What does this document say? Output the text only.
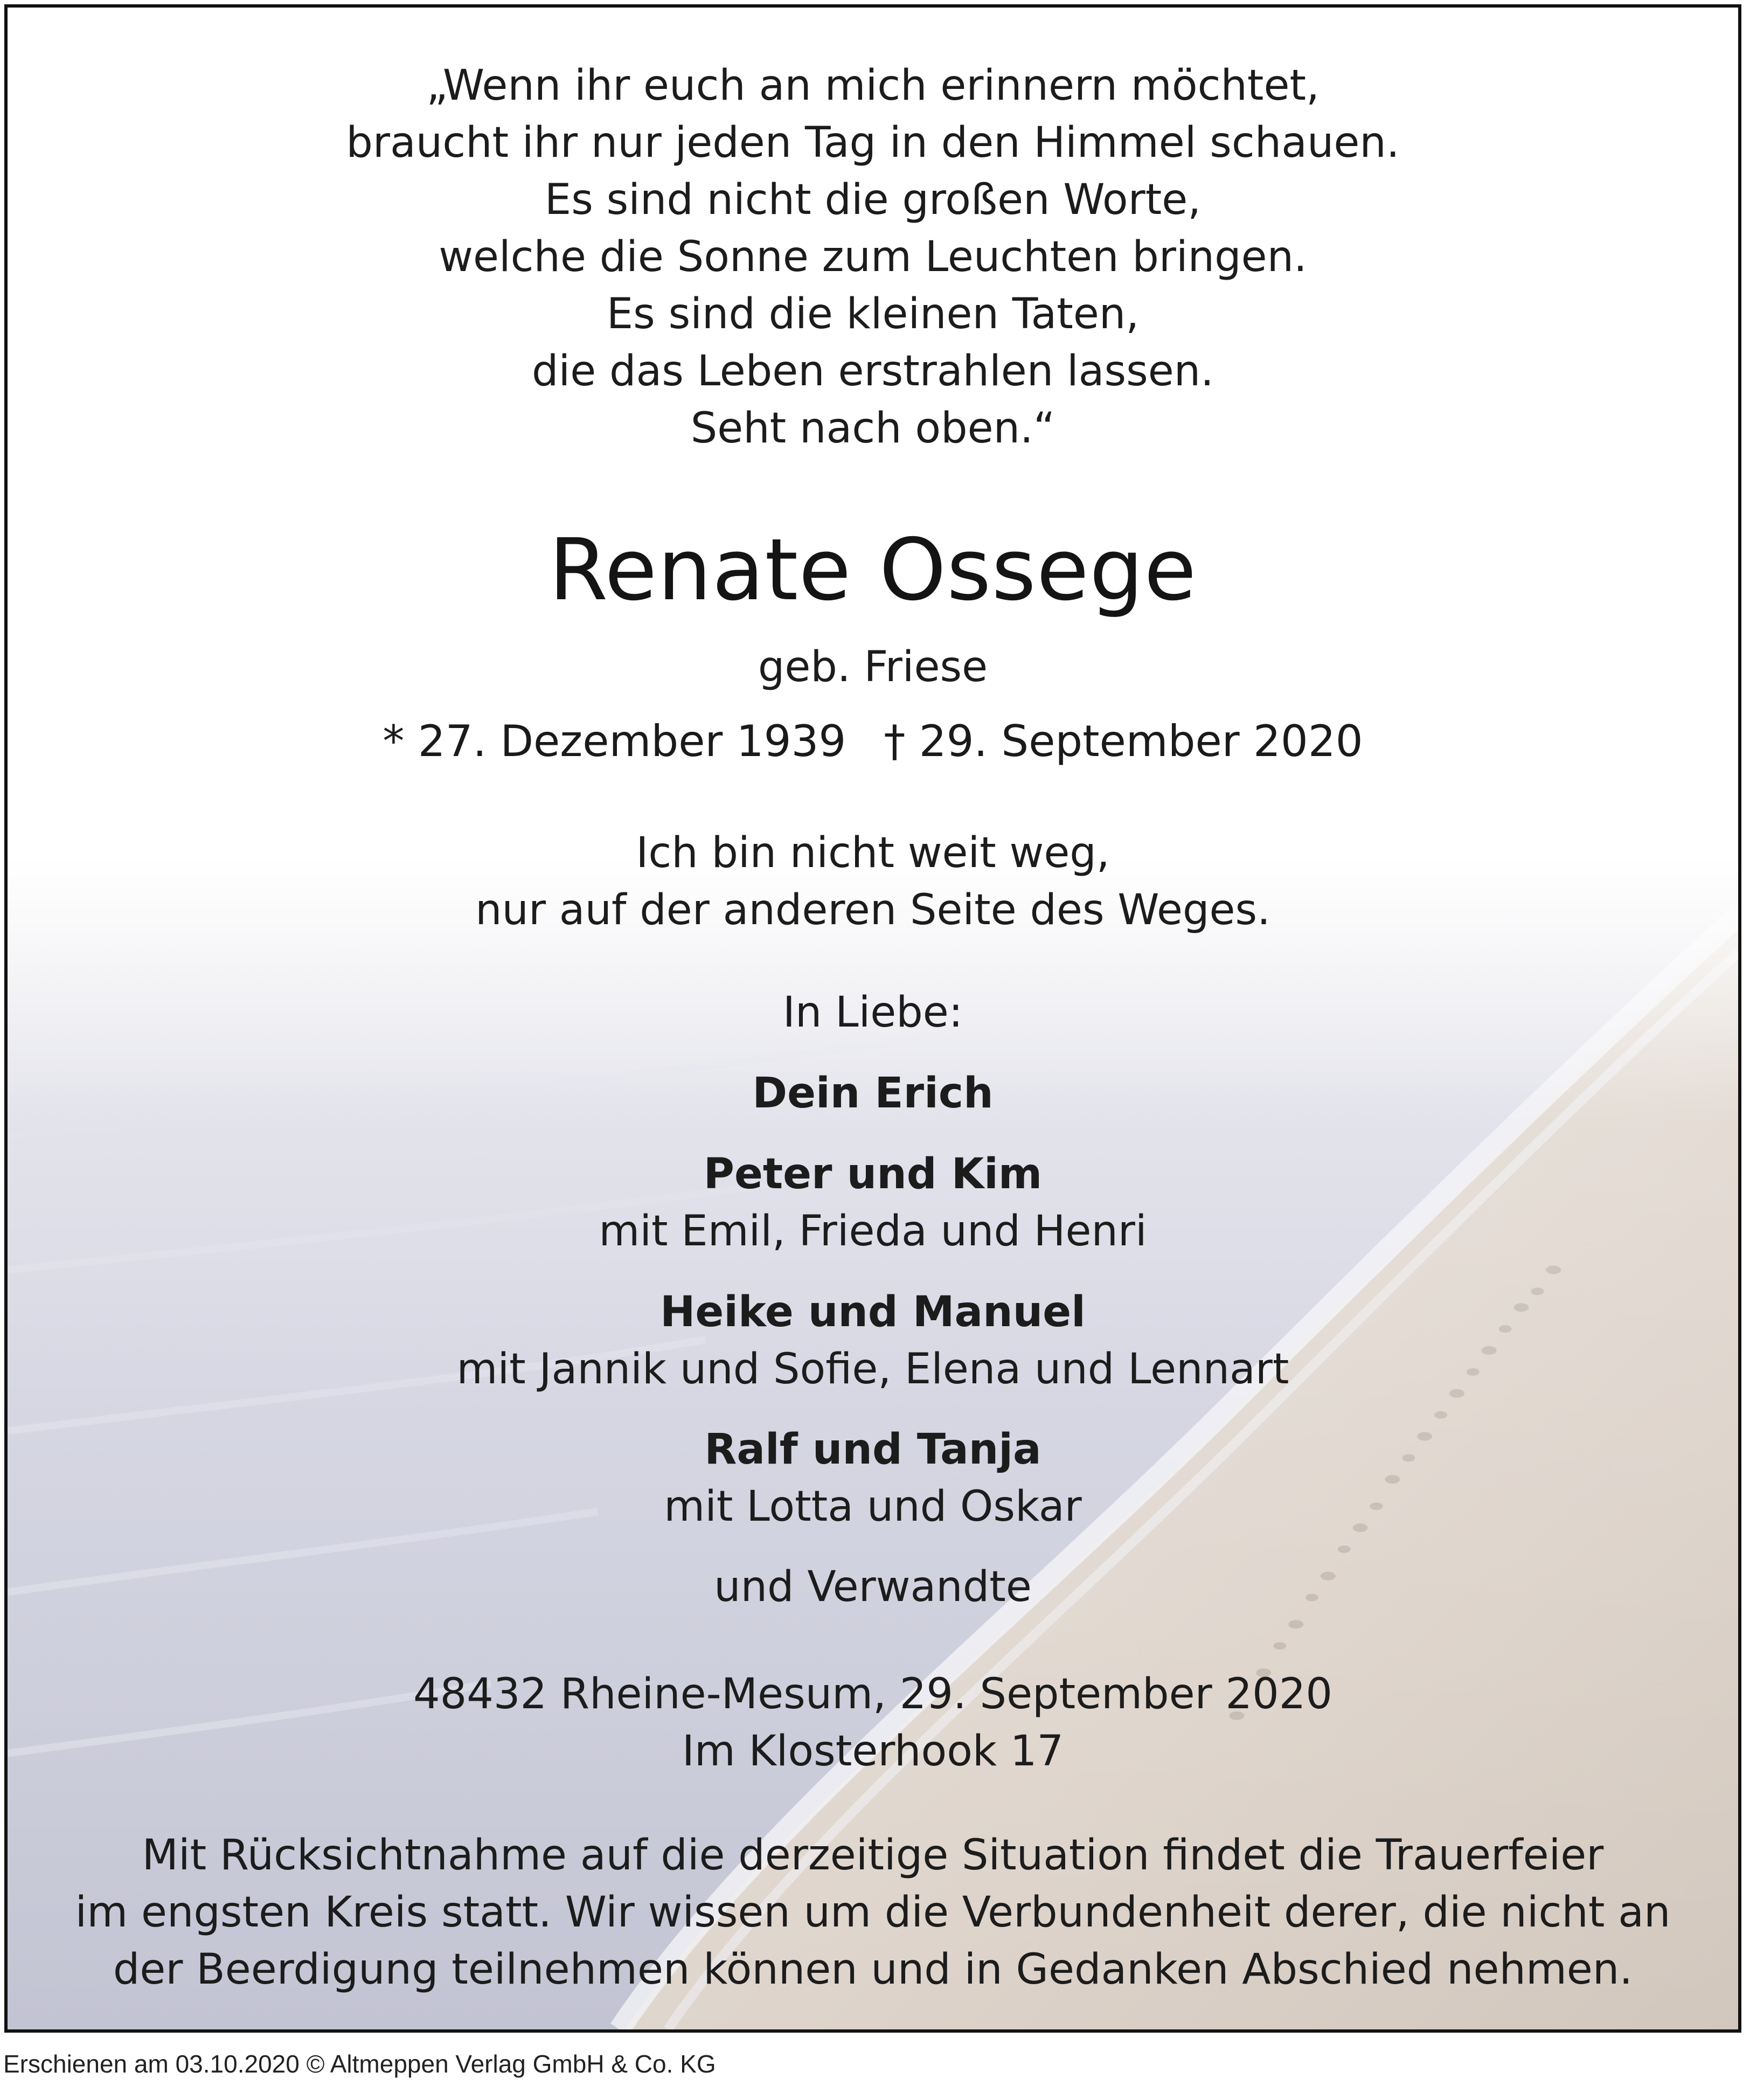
„Wenn ihr euch an mich erinnern möchtet,
braucht ihr nur jeden Tag in den Himmel schauen.
Es sind nicht die großen Worte,
welche die Sonne zum Leuchten bringen.
Es sind die kleinen Taten,
die das Leben erstrahlen lassen.
Seht nach oben.“
Renate Ossege
geb. Friese
* 27. Dezember 1939 † 29. September 2020
Ich bin nicht weit weg,
nur auf der anderen Seite des Weges.
In Liebe:
Dein Erich
Peter und Kim
mit Emil, Frieda und Henri
Heike und Manuel
mit Jannik und Sofie, Elena und Lennart
Ralf und Tanja
mit Lotta und Oskar
und Verwandte
48432 Rheine-Mesum, 29. September 2020
Im Klosterhook 17
Mit Rücksichtnahme auf die derzeitige Situation findet die Trauerfeier
im engsten Kreis statt. Wir wissen um die Verbundenheit derer, die nicht an
der Beerdigung teilnehmen können und in Gedanken Abschied nehmen.
Erschienen am 03.10.2020 © Altmeppen Verlag GmbH & Co. KG
